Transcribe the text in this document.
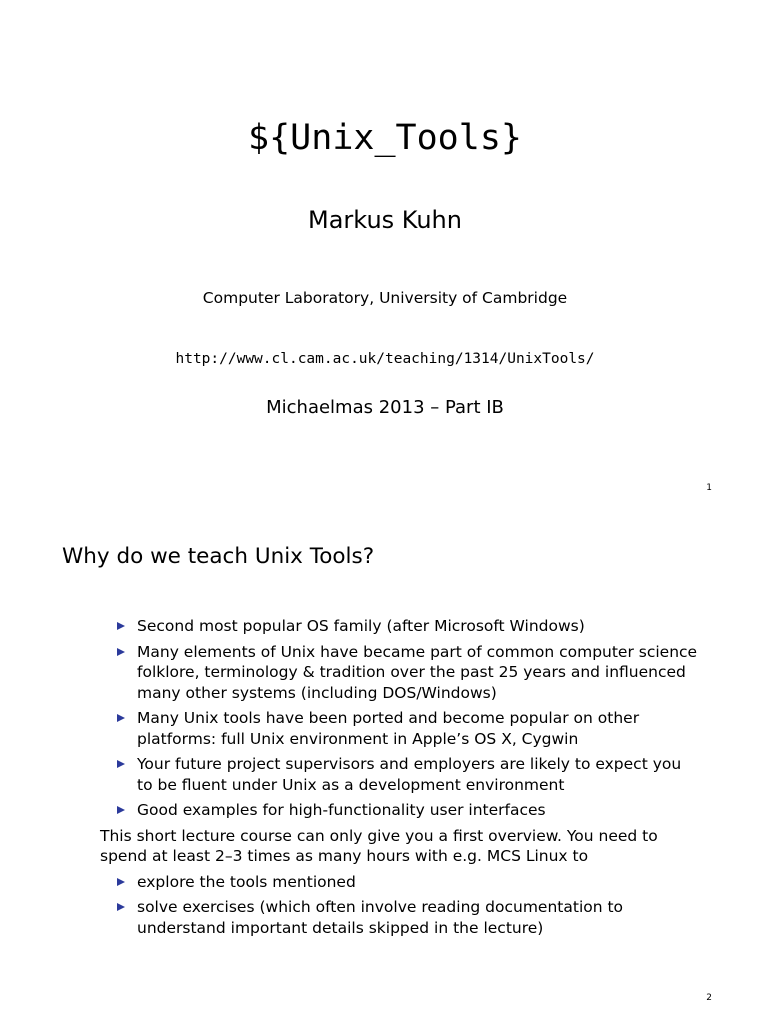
${Unix_Tools}
Markus Kuhn
Computer Laboratory, University of Cambridge
http://www.cl.cam.ac.uk/teaching/1314/UnixTools/
Michaelmas 2013 – Part IB
1
Why do we teach Unix Tools?
Second most popular OS family (after Microsoft Windows)
Many elements of Unix have became part of common computer science folklore, terminology & tradition over the past 25 years and influenced many other systems (including DOS/Windows)
Many Unix tools have been ported and become popular on other platforms: full Unix environment in Apple’s OS X, Cygwin
Your future project supervisors and employers are likely to expect you to be fluent under Unix as a development environment
Good examples for high-functionality user interfaces

This short lecture course can only give you a first overview. You need to spend at least 2–3 times as many hours with e.g. MCS Linux to

explore the tools mentioned
solve exercises (which often involve reading documentation to understand important details skipped in the lecture)
2
